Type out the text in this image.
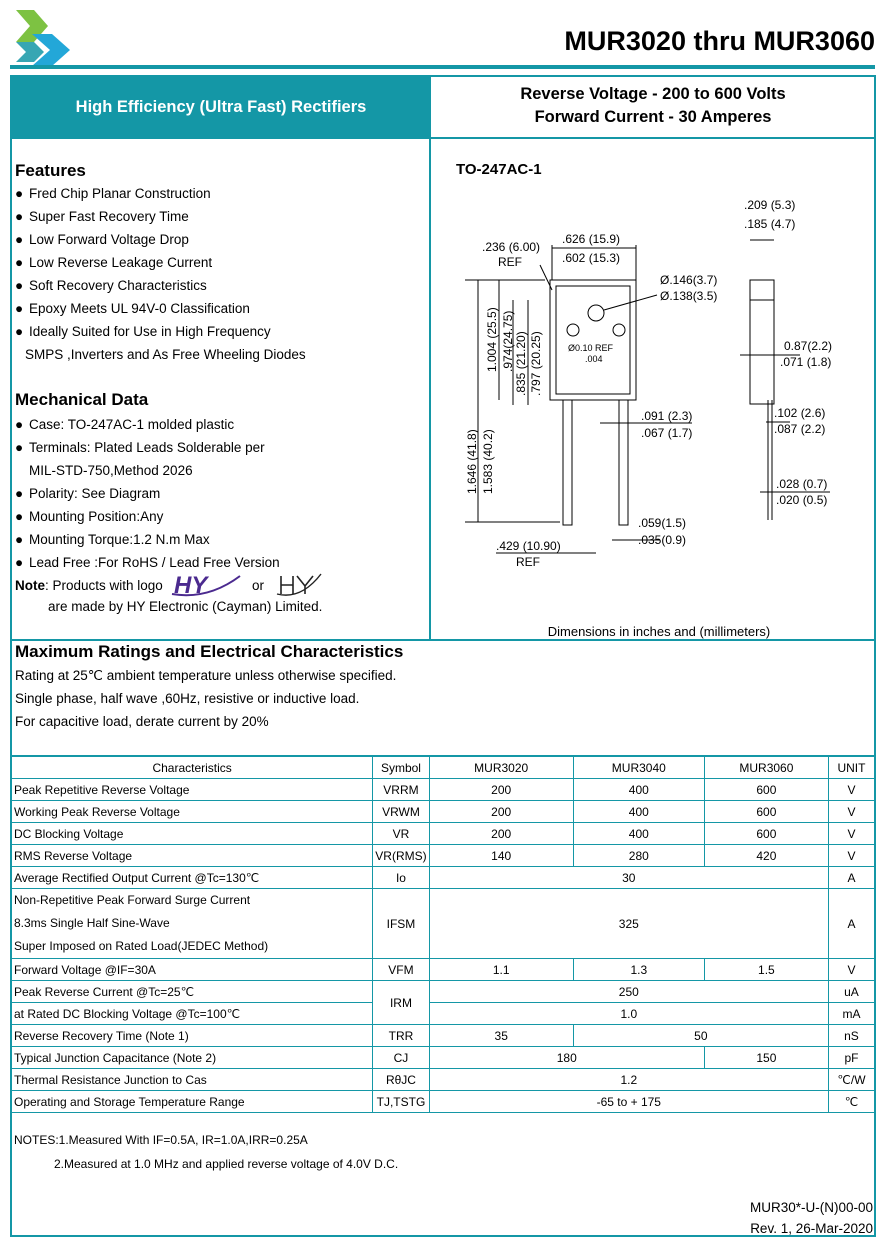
MUR3020 thru MUR3060
High Efficiency (Ultra Fast) Rectifiers
Reverse Voltage - 200 to 600 Volts
Forward Current - 30 Amperes
Features
● Fred Chip Planar Construction
● Super Fast Recovery Time
● Low Forward Voltage Drop
● Low Reverse Leakage Current
● Soft Recovery Characteristics
● Epoxy Meets UL 94V-0 Classification
● Ideally Suited for Use in High Frequency
SMPS ,Inverters and As Free Wheeling Diodes
Mechanical Data
● Case: TO-247AC-1 molded plastic
● Terminals: Plated Leads Solderable per
MIL-STD-750,Method 2026
● Polarity: See Diagram
● Mounting Position:Any
● Mounting Torque:1.2 N.m Max
● Lead Free :For RoHS / Lead Free Version
Note: Products with logo HY	or
are made by HY Electronic (Cayman) Limited.
TO-247AC-1
.209 (5.3)
.185 (4.7)
.626 (15.9)
.602 (15.3)
.236 (6.00)
REF
Ø.146(3.7)
Ø.138(3.5)
1.004 (25.5) .974(24.75) .835 (21.20) .797 (20.25)	Ø0.10 REF
.004
0.87(2.2)
.071 (1.8)
.091 (2.3)
.067 (1.7)
.102 (2.6)
.087 (2.2)
1.646 (41.8) 1.583 (40.2)	.028 (0.7)
.020 (0.5)
.059(1.5)
.035(0.9)
.429 (10.90)
REF
Dimensions in inches and (millimeters)
Maximum Ratings and Electrical Characteristics
Rating at 25℃ ambient temperature unless otherwise specified.
Single phase, half wave ,60Hz, resistive or inductive load.
For capacitive load, derate current by 20%
Characteristics	Symbol	MUR3020	MUR3040	MUR3060	UNIT
Peak Repetitive Reverse Voltage	VRRM	200	400	600	V
Working Peak Reverse Voltage	VRWM	200	400	600	V
DC Blocking Voltage	VR	200	400	600	V
RMS Reverse Voltage	VR(RMS)	140	280	420	V
Average Rectified Output Current @Tc=130℃	Io	30			A

Non-Repetitive Peak Forward Surge Current
8.3ms Single Half Sine-Wave
Super Imposed on Rated Load(JEDEC Method)	IFSM	325			A
Forward Voltage @IF=30A	VFM	1.1	1.3	1.5	V
Peak Reverse Current @Tc=25℃	IRM	250			uA
at Rated DC Blocking Voltage @Tc=100℃		1.0			mA
Reverse Recovery Time (Note 1)	TRR	35	50		nS
Typical Junction Capacitance (Note 2)	CJ	180		150	pF
Thermal Resistance Junction to Cas	RθJC	1.2			℃/W
Operating and Storage Temperature Range	TJ,TSTG	-65 to + 175			℃
NOTES:1.Measured With IF=0.5A, IR=1.0A,IRR=0.25A
2.Measured at 1.0 MHz and applied reverse voltage of 4.0V D.C.
MUR30*-U-(N)00-00
Rev. 1, 26-Mar-2020
